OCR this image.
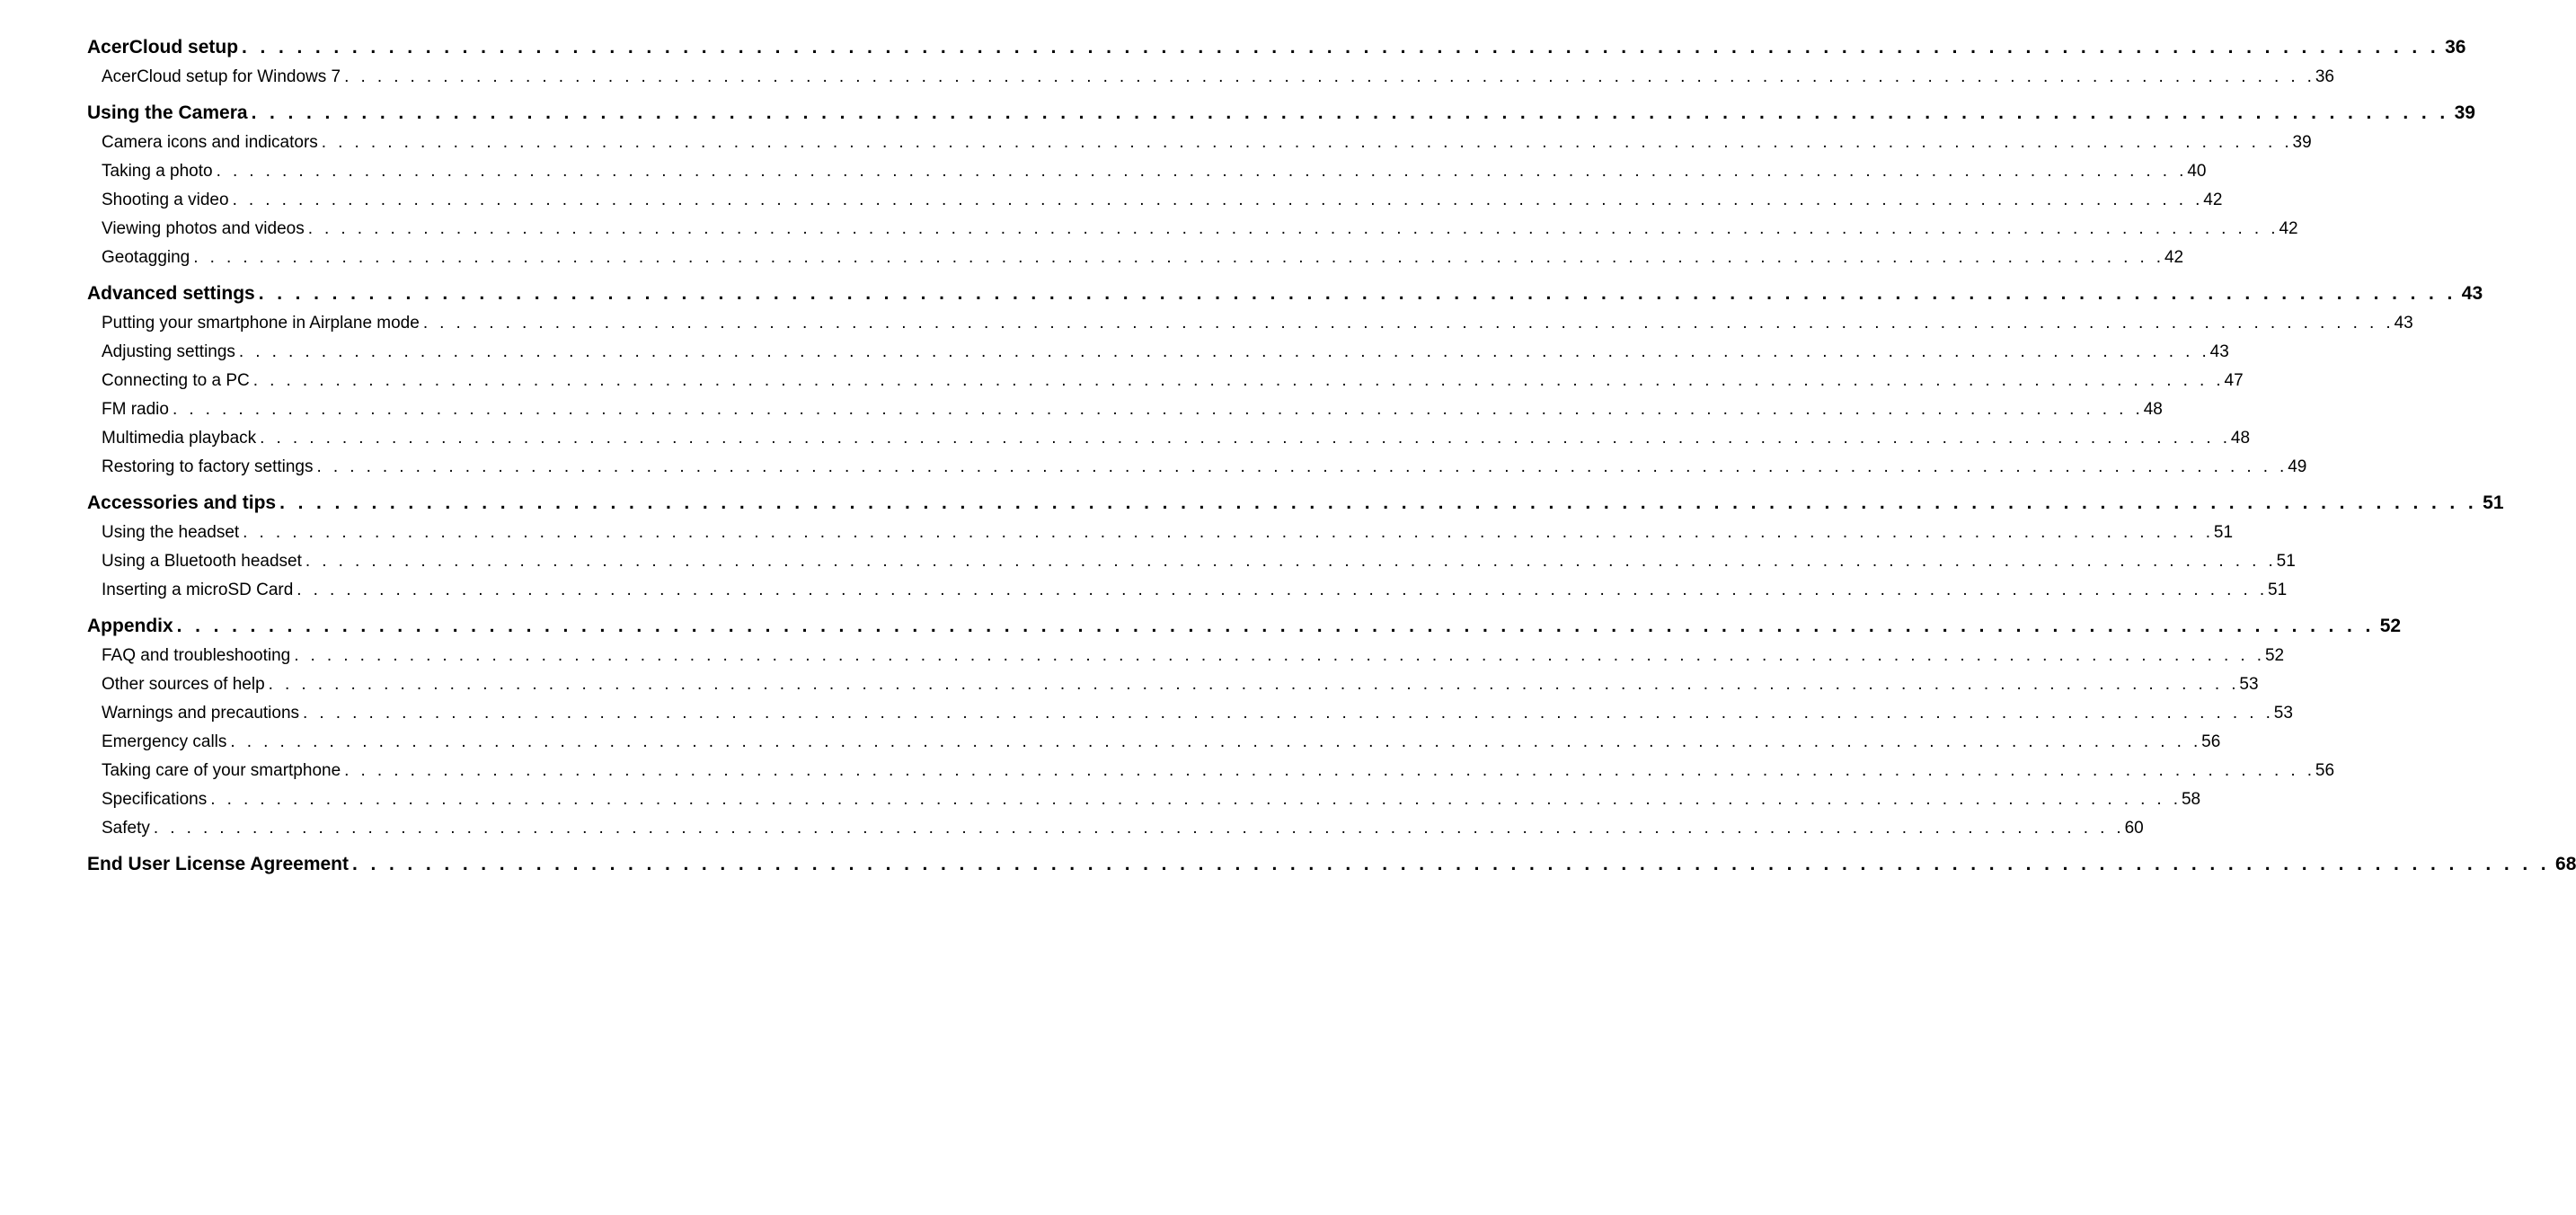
AcerCloud setup . . . . . . . . . . . . . . . . . . . . . . . . . . . . . . . . . . . . . . . . . . . . . . . . . . . . . . . . . . . . . . . . . . . . . . . . . . . . . . . . . . . . . . . . . . . . . . . . . . . . . . . . . . . . . . . . . . . . . . . . 36
AcerCloud setup for Windows 7 . . . . . . . . . . . . . . . . . . . . . . . . . . . . . . . . . . . . . . . . . . . . . . . . . . . . . . . . . . . . . . . . . . . . . . . . . . . . . . . . . . . . . . . . . . . . . . . . . . . . . . . . . . . . . . . . . . . . . . . . 36
Using the Camera . . . . . . . . . . . . . . . . . . . . . . . . . . . . . . . . . . . . . . . . . . . . . . . . . . . . . . . . . . . . . . . . . . . . . . . . . . . . . . . . . . . . . . . . . . . . . . . . . . . . . . . . . . . . . . . . . . . . . . . . 39
Camera icons and indicators . . . . . . . . . . . . . . . . . . . . . . . . . . . . . . . . . . . . . . . . . . . . . . . . . . . . . . . . . . . . . . . . . . . . . . . . . . . . . . . . . . . . . . . . . . . . . . . . . . . . . . . . . . . . . . . . . . . . . . . . 39
Taking a photo . . . . . . . . . . . . . . . . . . . . . . . . . . . . . . . . . . . . . . . . . . . . . . . . . . . . . . . . . . . . . . . . . . . . . . . . . . . . . . . . . . . . . . . . . . . . . . . . . . . . . . . . . . . . . . . . . . . . . . . . 40
Shooting a video . . . . . . . . . . . . . . . . . . . . . . . . . . . . . . . . . . . . . . . . . . . . . . . . . . . . . . . . . . . . . . . . . . . . . . . . . . . . . . . . . . . . . . . . . . . . . . . . . . . . . . . . . . . . . . . . . . . . . . . . 42
Viewing photos and videos . . . . . . . . . . . . . . . . . . . . . . . . . . . . . . . . . . . . . . . . . . . . . . . . . . . . . . . . . . . . . . . . . . . . . . . . . . . . . . . . . . . . . . . . . . . . . . . . . . . . . . . . . . . . . . . . . . . . . . . . 42
Geotagging . . . . . . . . . . . . . . . . . . . . . . . . . . . . . . . . . . . . . . . . . . . . . . . . . . . . . . . . . . . . . . . . . . . . . . . . . . . . . . . . . . . . . . . . . . . . . . . . . . . . . . . . . . . . . . . . . . . . . . . . 42
Advanced settings . . . . . . . . . . . . . . . . . . . . . . . . . . . . . . . . . . . . . . . . . . . . . . . . . . . . . . . . . . . . . . . . . . . . . . . . . . . . . . . . . . . . . . . . . . . . . . . . . . . . . . . . . . . . . . . . . . . . . . . . 43
Putting your smartphone in Airplane mode . . . . . . . . . . . . . . . . . . . . . . . . . . . . . . . . . . . . . . . . . . . . . . . . . . . . . . . . . . . . . . . . . . . . . . . . . . . . . . . . . . . . . . . . . . . . . . . . . . . . . . . . . . . . . . . . . . . . . . . . 43
Adjusting settings . . . . . . . . . . . . . . . . . . . . . . . . . . . . . . . . . . . . . . . . . . . . . . . . . . . . . . . . . . . . . . . . . . . . . . . . . . . . . . . . . . . . . . . . . . . . . . . . . . . . . . . . . . . . . . . . . . . . . . . . 43
Connecting to a PC . . . . . . . . . . . . . . . . . . . . . . . . . . . . . . . . . . . . . . . . . . . . . . . . . . . . . . . . . . . . . . . . . . . . . . . . . . . . . . . . . . . . . . . . . . . . . . . . . . . . . . . . . . . . . . . . . . . . . . . . 47
FM radio . . . . . . . . . . . . . . . . . . . . . . . . . . . . . . . . . . . . . . . . . . . . . . . . . . . . . . . . . . . . . . . . . . . . . . . . . . . . . . . . . . . . . . . . . . . . . . . . . . . . . . . . . . . . . . . . . . . . . . . . 48
Multimedia playback . . . . . . . . . . . . . . . . . . . . . . . . . . . . . . . . . . . . . . . . . . . . . . . . . . . . . . . . . . . . . . . . . . . . . . . . . . . . . . . . . . . . . . . . . . . . . . . . . . . . . . . . . . . . . . . . . . . . . . . . 48
Restoring to factory settings . . . . . . . . . . . . . . . . . . . . . . . . . . . . . . . . . . . . . . . . . . . . . . . . . . . . . . . . . . . . . . . . . . . . . . . . . . . . . . . . . . . . . . . . . . . . . . . . . . . . . . . . . . . . . . . . . . . . . . . . 49
Accessories and tips . . . . . . . . . . . . . . . . . . . . . . . . . . . . . . . . . . . . . . . . . . . . . . . . . . . . . . . . . . . . . . . . . . . . . . . . . . . . . . . . . . . . . . . . . . . . . . . . . . . . . . . . . . . . . . . . . . . . . . . . 51
Using the headset . . . . . . . . . . . . . . . . . . . . . . . . . . . . . . . . . . . . . . . . . . . . . . . . . . . . . . . . . . . . . . . . . . . . . . . . . . . . . . . . . . . . . . . . . . . . . . . . . . . . . . . . . . . . . . . . . . . . . . . . 51
Using a Bluetooth headset . . . . . . . . . . . . . . . . . . . . . . . . . . . . . . . . . . . . . . . . . . . . . . . . . . . . . . . . . . . . . . . . . . . . . . . . . . . . . . . . . . . . . . . . . . . . . . . . . . . . . . . . . . . . . . . . . . . . . . . . 51
Inserting a microSD Card . . . . . . . . . . . . . . . . . . . . . . . . . . . . . . . . . . . . . . . . . . . . . . . . . . . . . . . . . . . . . . . . . . . . . . . . . . . . . . . . . . . . . . . . . . . . . . . . . . . . . . . . . . . . . . . . . . . . . . . . 51
Appendix . . . . . . . . . . . . . . . . . . . . . . . . . . . . . . . . . . . . . . . . . . . . . . . . . . . . . . . . . . . . . . . . . . . . . . . . . . . . . . . . . . . . . . . . . . . . . . . . . . . . . . . . . . . . . . . . . . . . . . . . 52
FAQ and troubleshooting . . . . . . . . . . . . . . . . . . . . . . . . . . . . . . . . . . . . . . . . . . . . . . . . . . . . . . . . . . . . . . . . . . . . . . . . . . . . . . . . . . . . . . . . . . . . . . . . . . . . . . . . . . . . . . . . . . . . . . . . 52
Other sources of help . . . . . . . . . . . . . . . . . . . . . . . . . . . . . . . . . . . . . . . . . . . . . . . . . . . . . . . . . . . . . . . . . . . . . . . . . . . . . . . . . . . . . . . . . . . . . . . . . . . . . . . . . . . . . . . . . . . . . . . . 53
Warnings and precautions . . . . . . . . . . . . . . . . . . . . . . . . . . . . . . . . . . . . . . . . . . . . . . . . . . . . . . . . . . . . . . . . . . . . . . . . . . . . . . . . . . . . . . . . . . . . . . . . . . . . . . . . . . . . . . . . . . . . . . . . 53
Emergency calls . . . . . . . . . . . . . . . . . . . . . . . . . . . . . . . . . . . . . . . . . . . . . . . . . . . . . . . . . . . . . . . . . . . . . . . . . . . . . . . . . . . . . . . . . . . . . . . . . . . . . . . . . . . . . . . . . . . . . . . . 56
Taking care of your smartphone . . . . . . . . . . . . . . . . . . . . . . . . . . . . . . . . . . . . . . . . . . . . . . . . . . . . . . . . . . . . . . . . . . . . . . . . . . . . . . . . . . . . . . . . . . . . . . . . . . . . . . . . . . . . . . . . . . . . . . . . 56
Specifications . . . . . . . . . . . . . . . . . . . . . . . . . . . . . . . . . . . . . . . . . . . . . . . . . . . . . . . . . . . . . . . . . . . . . . . . . . . . . . . . . . . . . . . . . . . . . . . . . . . . . . . . . . . . . . . . . . . . . . . . 58
Safety . . . . . . . . . . . . . . . . . . . . . . . . . . . . . . . . . . . . . . . . . . . . . . . . . . . . . . . . . . . . . . . . . . . . . . . . . . . . . . . . . . . . . . . . . . . . . . . . . . . . . . . . . . . . . . . . . . . . . . . . 60
End User License Agreement . . . . . . . . . . . . . . . . . . . . . . . . . . . . . . . . . . . . . . . . . . . . . . . . . . . . . . . . . . . . . . . . . . . . . . . . . . . . . . . . . . . . . . . . . . . . . . . . . . . . . . . . . . . . . . . . . . . . . . . . 68
